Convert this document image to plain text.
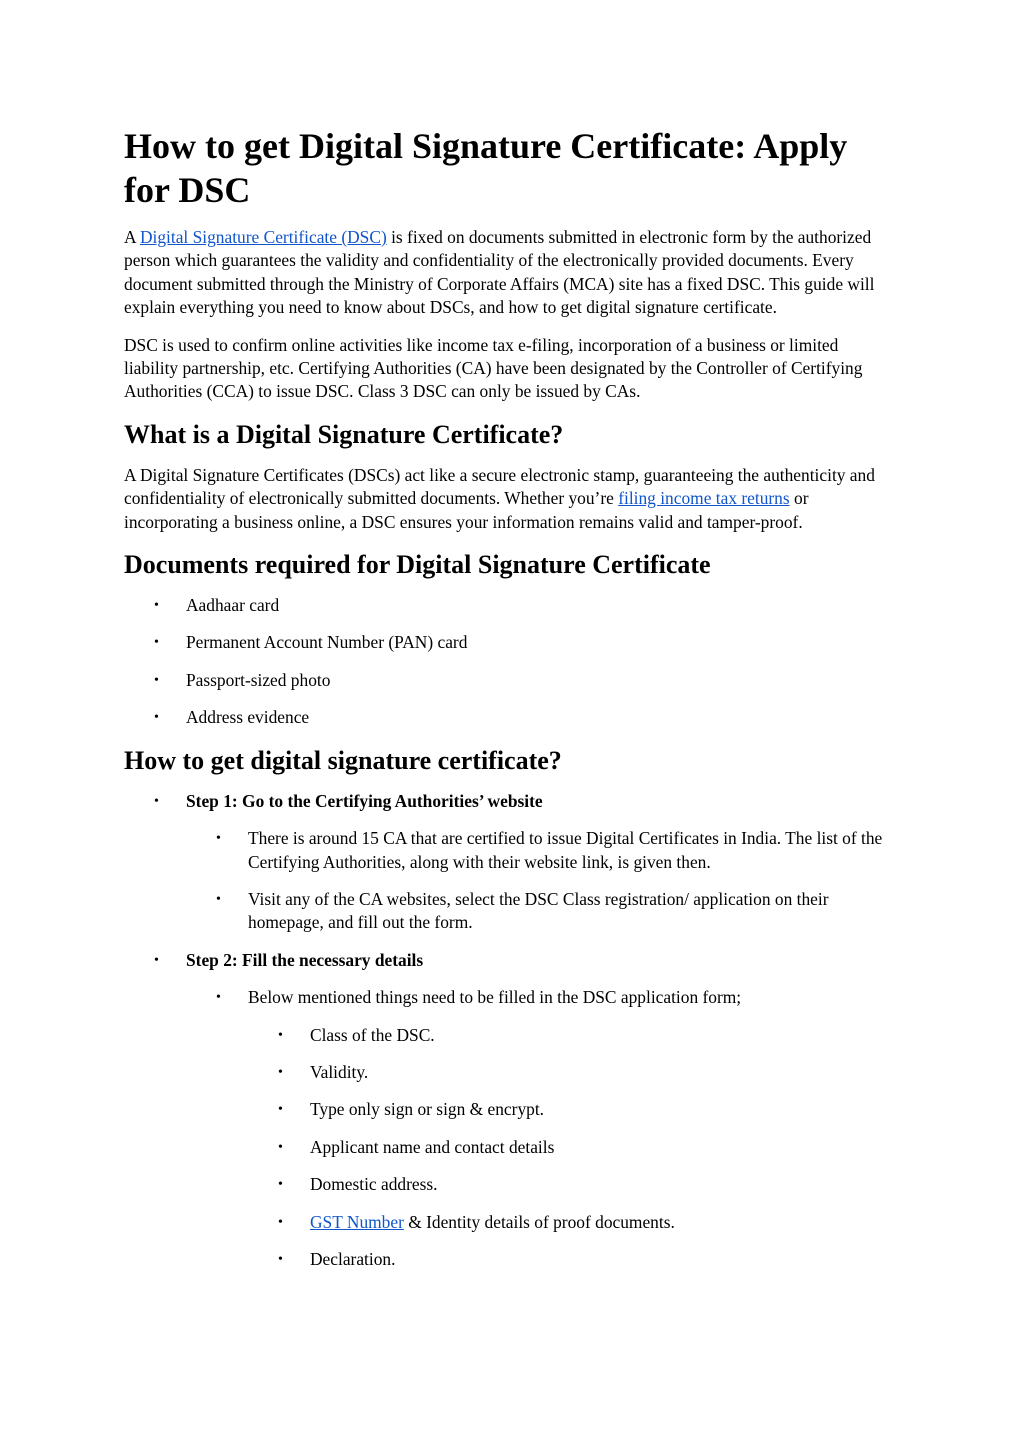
How to get Digital Signature Certificate: Apply for DSC

A Digital Signature Certificate (DSC) is fixed on documents submitted in electronic form by the authorized person which guarantees the validity and confidentiality of the electronically provided documents. Every document submitted through the Ministry of Corporate Affairs (MCA) site has a fixed DSC. This guide will explain everything you need to know about DSCs, and how to get digital signature certificate.

DSC is used to confirm online activities like income tax e-filing, incorporation of a business or limited liability partnership, etc. Certifying Authorities (CA) have been designated by the Controller of Certifying Authorities (CCA) to issue DSC. Class 3 DSC can only be issued by CAs.

What is a Digital Signature Certificate?

A Digital Signature Certificates (DSCs) act like a secure electronic stamp, guaranteeing the authenticity and confidentiality of electronically submitted documents. Whether you’re filing income tax returns or incorporating a business online, a DSC ensures your information remains valid and tamper-proof.

Documents required for Digital Signature Certificate
• Aadhaar card
• Permanent Account Number (PAN) card
• Passport-sized photo
• Address evidence
How to get digital signature certificate?
• Step 1: Go to the Certifying Authorities’ website
• There is around 15 CA that are certified to issue Digital Certificates in India. The list of the Certifying Authorities, along with their website link, is given then.
• Visit any of the CA websites, select the DSC Class registration/ application on their homepage, and fill out the form.
• Step 2: Fill the necessary details
• Below mentioned things need to be filled in the DSC application form;
• Class of the DSC.
• Validity.
• Type only sign or sign & encrypt.
• Applicant name and contact details
• Domestic address.
• GST Number & Identity details of proof documents.
• Declaration.
